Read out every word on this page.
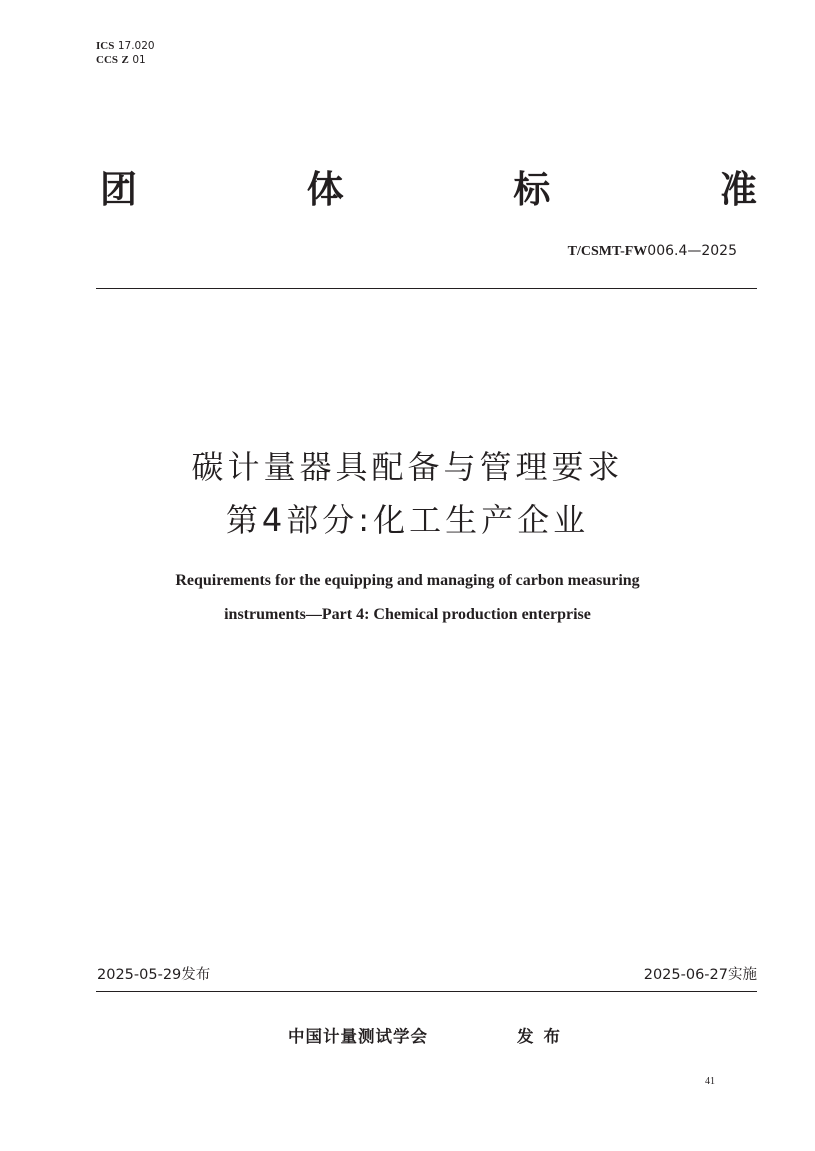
ICS 17.020
CCS Z 01
团	体	标	准
T/CSMT-FW006.4—2025
碳计量器具配备与管理要求
第4部分:化工生产企业
Requirements for the equipping and managing of carbon measuring
instruments—Part 4: Chemical production enterprise
2025-05-29发布	2025-06-27实施
中国计量测试学会	发布
41
